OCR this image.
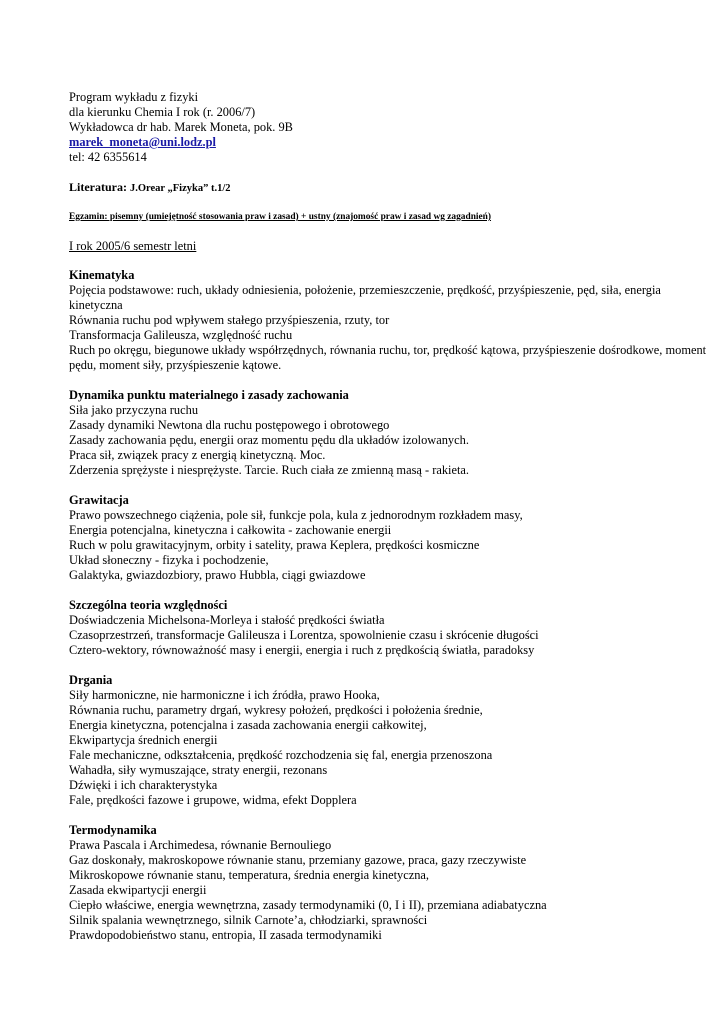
Program wykładu z fizyki
dla kierunku Chemia I rok (r. 2006/7)
Wykładowca dr hab. Marek Moneta, pok. 9B
marek_moneta@uni.lodz.pl
tel: 42 6355614
Literatura: J.Orear „Fizyka” t.1/2
Egzamin: pisemny (umiejętność stosowania praw i zasad) + ustny (znajomość praw i zasad wg zagadnień)
I rok 2005/6 semestr letni
Kinematyka
Pojęcia podstawowe: ruch, układy odniesienia, położenie, przemieszczenie, prędkość, przyśpieszenie, pęd, siła, energia kinetyczna
Równania ruchu pod wpływem stałego przyśpieszenia, rzuty, tor
Transformacja Galileusza, względność ruchu
Ruch po okręgu, biegunowe układy współrzędnych, równania ruchu, tor, prędkość kątowa, przyśpieszenie dośrodkowe, moment pędu, moment siły, przyśpieszenie kątowe.
Dynamika punktu materialnego i zasady zachowania
Siła jako przyczyna ruchu
Zasady dynamiki Newtona dla ruchu postępowego i obrotowego
Zasady zachowania pędu, energii oraz momentu pędu dla układów izolowanych.
Praca sił, związek pracy z energią kinetyczną. Moc.
Zderzenia sprężyste i niesprężyste. Tarcie. Ruch ciała ze zmienną masą - rakieta.
Grawitacja
Prawo powszechnego ciążenia, pole sił, funkcje pola, kula z jednorodnym rozkładem masy,
Energia potencjalna, kinetyczna i całkowita - zachowanie energii
Ruch w polu grawitacyjnym, orbity i satelity, prawa Keplera, prędkości kosmiczne
Układ słoneczny - fizyka i pochodzenie,
Galaktyka, gwiazdozbiory, prawo Hubbla, ciągi gwiazdowe
Szczególna teoria względności
Doświadczenia Michelsona-Morleya i stałość prędkości światła
Czasoprzestrzeń, transformacje Galileusza i Lorentza, spowolnienie czasu i skrócenie długości
Cztero-wektory, równoważność masy i energii, energia i ruch z prędkością światła, paradoksy
Drgania
Siły harmoniczne, nie harmoniczne i ich źródła, prawo Hooka,
Równania ruchu, parametry drgań, wykresy położeń, prędkości i położenia średnie,
Energia kinetyczna, potencjalna i zasada zachowania energii całkowitej,
Ekwipartycja średnich energii
Fale mechaniczne, odkształcenia, prędkość rozchodzenia się fal, energia przenoszona
Wahadła, siły wymuszające, straty energii, rezonans
Dźwięki i ich charakterystyka
Fale, prędkości fazowe i grupowe, widma, efekt Dopplera
Termodynamika
Prawa Pascala i Archimedesa, równanie Bernouliego
Gaz doskonały, makroskopowe równanie stanu, przemiany gazowe, praca, gazy rzeczywiste
Mikroskopowe równanie stanu, temperatura, średnia energia kinetyczna,
Zasada ekwipartycji energii
Ciepło właściwe, energia wewnętrzna, zasady termodynamiki (0, I i II), przemiana adiabatyczna
Silnik spalania wewnętrznego, silnik Carnote’a, chłodziarki, sprawności
Prawdopodobieństwo stanu, entropia, II zasada termodynamiki
